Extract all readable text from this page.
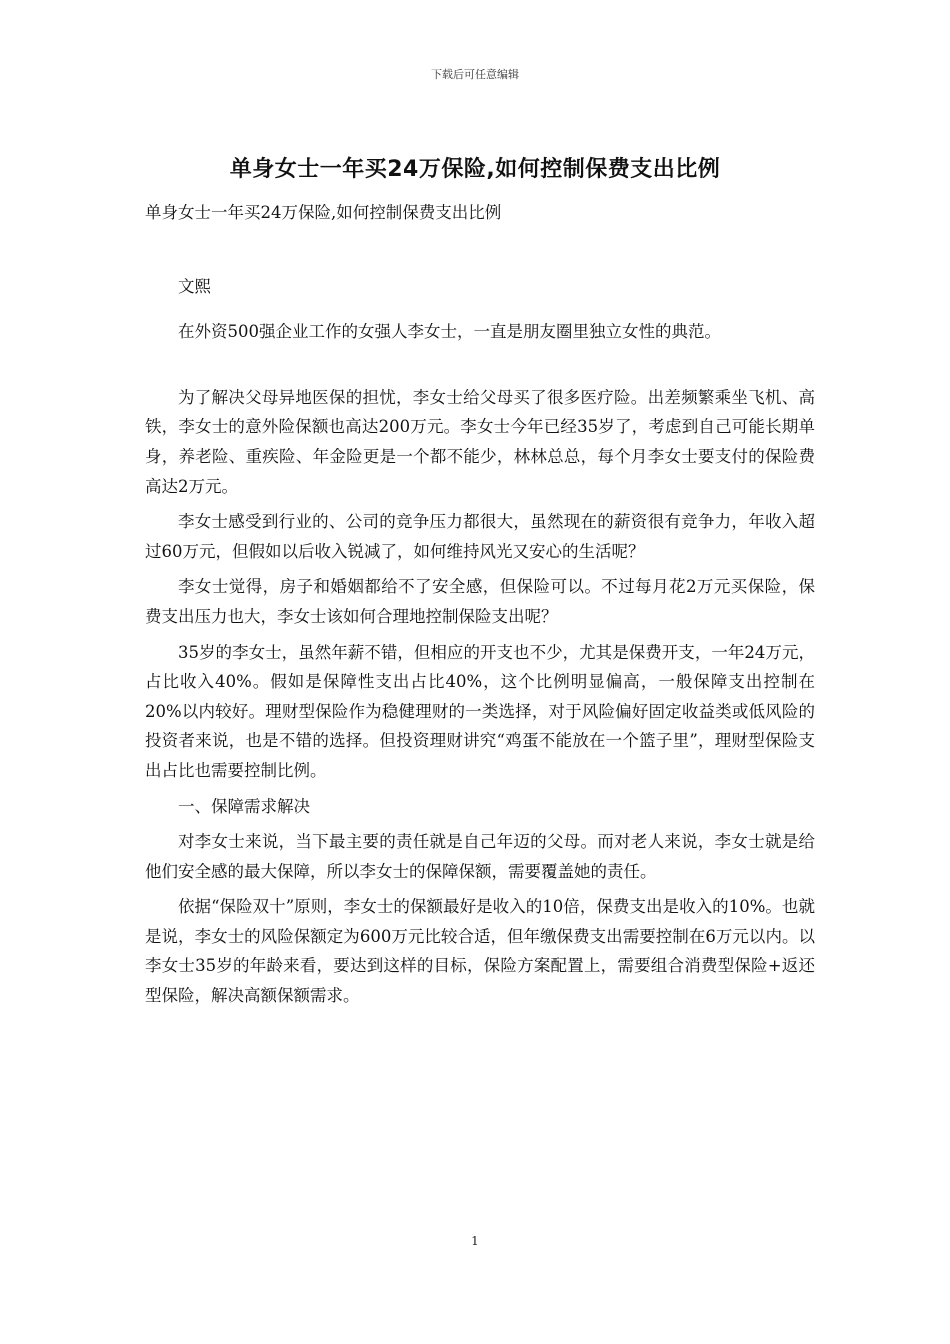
下载后可任意编辑
单身女士一年买24万保险,如何控制保费支出比例

单身女士一年买24万保险,如何控制保费支出比例

文熙

在外资500强企业工作的女强人李女士，一直是朋友圈里独立女性的典范。

为了解决父母异地医保的担忧，李女士给父母买了很多医疗险。出差频繁乘坐飞机、高铁，李女士的意外险保额也高达200万元。李女士今年已经35岁了，考虑到自己可能长期单身，养老险、重疾险、年金险更是一个都不能少，林林总总，每个月李女士要支付的保险费高达2万元。

李女士感受到行业的、公司的竞争压力都很大，虽然现在的薪资很有竞争力，年收入超过60万元，但假如以后收入锐减了，如何维持风光又安心的生活呢？

李女士觉得，房子和婚姻都给不了安全感，但保险可以。不过每月花2万元买保险，保费支出压力也大，李女士该如何合理地控制保险支出呢？

35岁的李女士，虽然年薪不错，但相应的开支也不少，尤其是保费开支，一年24万元，占比收入40%。假如是保障性支出占比40%，这个比例明显偏高，一般保障支出控制在20%以内较好。理财型保险作为稳健理财的一类选择，对于风险偏好固定收益类或低风险的投资者来说，也是不错的选择。但投资理财讲究“鸡蛋不能放在一个篮子里”，理财型保险支出占比也需要控制比例。

一、保障需求解决

对李女士来说，当下最主要的责任就是自己年迈的父母。而对老人来说，李女士就是给他们安全感的最大保障，所以李女士的保障保额，需要覆盖她的责任。

依据“保险双十”原则，李女士的保额最好是收入的10倍，保费支出是收入的10%。也就是说，李女士的风险保额定为600万元比较合适，但年缴保费支出需要控制在6万元以内。以李女士35岁的年龄来看，要达到这样的目标，保险方案配置上，需要组合消费型保险+返还型保险，解决高额保额需求。

1
